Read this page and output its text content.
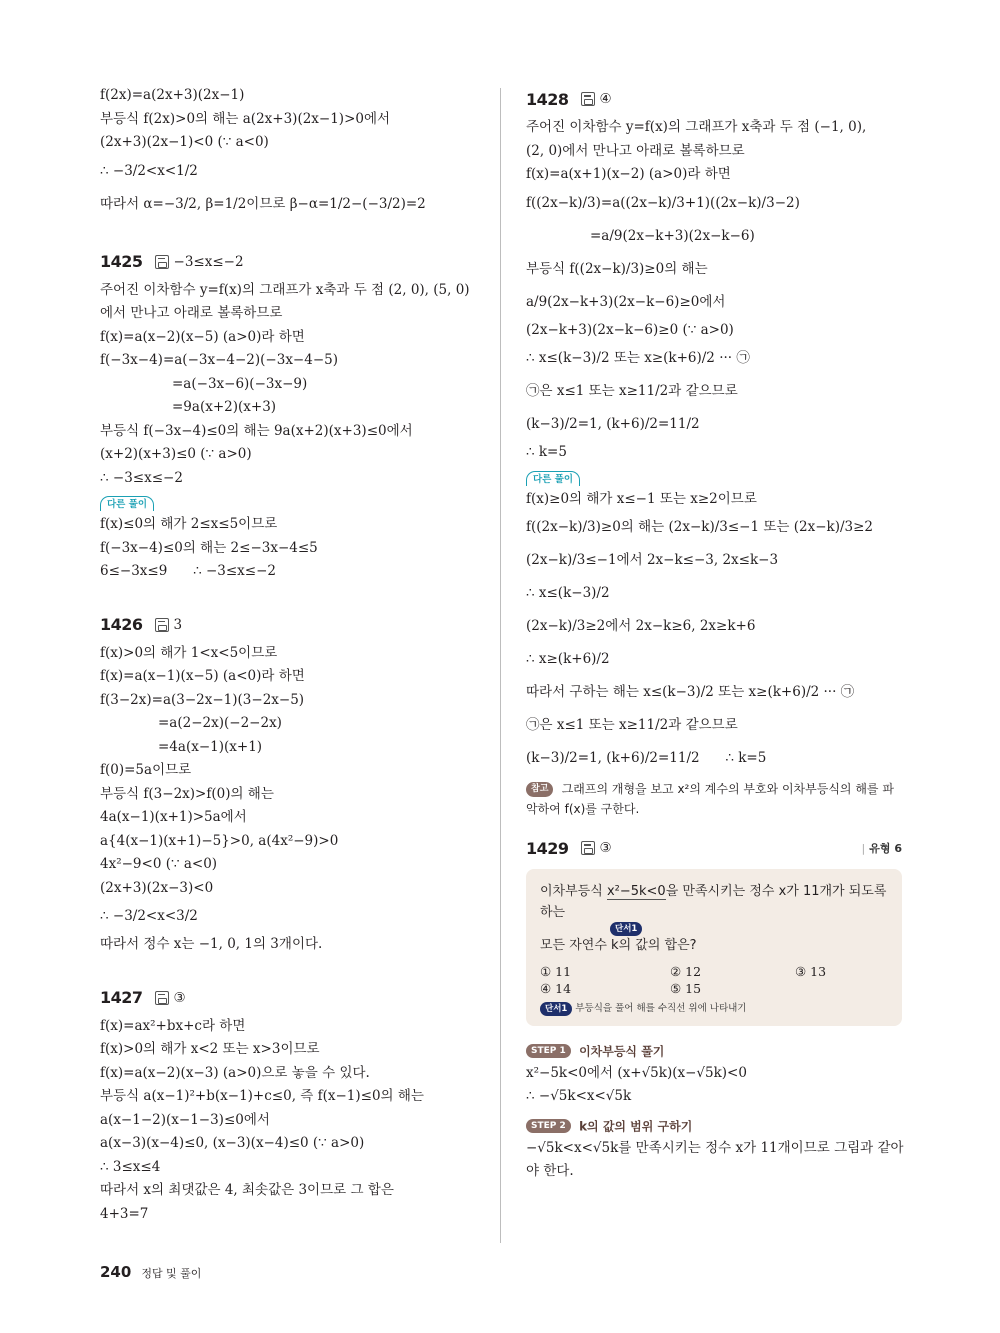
f(2x)=a(2x+3)(2x−1)
부등식 f(2x)>0의 해는 a(2x+3)(2x−1)>0에서
(2x+3)(2x−1)<0 (∵ a<0)
∴ −3/2<x<1/2
따라서 α=−3/2, β=1/2이므로 β−α=1/2−(−3/2)=2
1425 −3≤x≤−2
주어진 이차함수 y=f(x)의 그래프가 x축과 두 점 (2, 0), (5, 0)
에서 만나고 아래로 볼록하므로
f(x)=a(x−2)(x−5) (a>0)라 하면
f(−3x−4)=a(−3x−4−2)(−3x−4−5)
=a(−3x−6)(−3x−9)
=9a(x+2)(x+3)
부등식 f(−3x−4)≤0의 해는 9a(x+2)(x+3)≤0에서
(x+2)(x+3)≤0 (∵ a>0)
∴ −3≤x≤−2
다른 풀이
f(x)≤0의 해가 2≤x≤5이므로
f(−3x−4)≤0의 해는 2≤−3x−4≤5
6≤−3x≤9      ∴ −3≤x≤−2
1426 3
f(x)>0의 해가 1<x<5이므로
f(x)=a(x−1)(x−5) (a<0)라 하면
f(3−2x)=a(3−2x−1)(3−2x−5)
=a(2−2x)(−2−2x)
=4a(x−1)(x+1)
f(0)=5a이므로
부등식 f(3−2x)>f(0)의 해는
4a(x−1)(x+1)>5a에서
a{4(x−1)(x+1)−5}>0, a(4x²−9)>0
4x²−9<0 (∵ a<0)
(2x+3)(2x−3)<0
∴ −3/2<x<3/2
따라서 정수 x는 −1, 0, 1의 3개이다.
1427 ③
f(x)=ax²+bx+c라 하면
f(x)>0의 해가 x<2 또는 x>3이므로
f(x)=a(x−2)(x−3) (a>0)으로 놓을 수 있다.
부등식 a(x−1)²+b(x−1)+c≤0, 즉 f(x−1)≤0의 해는
a(x−1−2)(x−1−3)≤0에서
a(x−3)(x−4)≤0, (x−3)(x−4)≤0 (∵ a>0)
∴ 3≤x≤4
따라서 x의 최댓값은 4, 최솟값은 3이므로 그 합은
4+3=7
1428 ④
주어진 이차함수 y=f(x)의 그래프가 x축과 두 점 (−1, 0),
(2, 0)에서 만나고 아래로 볼록하므로
f(x)=a(x+1)(x−2) (a>0)라 하면
f((2x−k)/3)=a((2x−k)/3+1)((2x−k)/3−2)
=a/9(2x−k+3)(2x−k−6)
부등식 f((2x−k)/3)≥0의 해는
a/9(2x−k+3)(2x−k−6)≥0에서
(2x−k+3)(2x−k−6)≥0 (∵ a>0)
∴ x≤(k−3)/2 또는 x≥(k+6)/2 ··· ㉠
㉠은 x≤1 또는 x≥11/2과 같으므로
(k−3)/2=1, (k+6)/2=11/2
∴ k=5
다른 풀이
f(x)≥0의 해가 x≤−1 또는 x≥2이므로
f((2x−k)/3)≥0의 해는 (2x−k)/3≤−1 또는 (2x−k)/3≥2
(2x−k)/3≤−1에서 2x−k≤−3, 2x≤k−3
∴ x≤(k−3)/2
(2x−k)/3≥2에서 2x−k≥6, 2x≥k+6
∴ x≥(k+6)/2
따라서 구하는 해는 x≤(k−3)/2 또는 x≥(k+6)/2 ··· ㉠
㉠은 x≤1 또는 x≥11/2과 같으므로
(k−3)/2=1, (k+6)/2=11/2      ∴ k=5
참고 그래프의 개형을 보고 x²의 계수의 부호와 이차부등식의 해를 파악하여 f(x)를 구한다.
1429 ③	| 유형 6
이차부등식 x²−5k<0을 만족시키는 정수 x가 11개가 되도록 하는
단서1
모든 자연수 k의 값의 합은?
① 11	② 12	③ 13
④ 14	⑤ 15
단서1 부등식을 풀어 해를 수직선 위에 나타내기
STEP 1 이차부등식 풀기
x²−5k<0에서 (x+√5k)(x−√5k)<0
∴ −√5k<x<√5k
STEP 2 k의 값의 범위 구하기
−√5k<x<√5k를 만족시키는 정수 x가 11개이므로 그림과 같아
야 한다.
240 정답 및 풀이
